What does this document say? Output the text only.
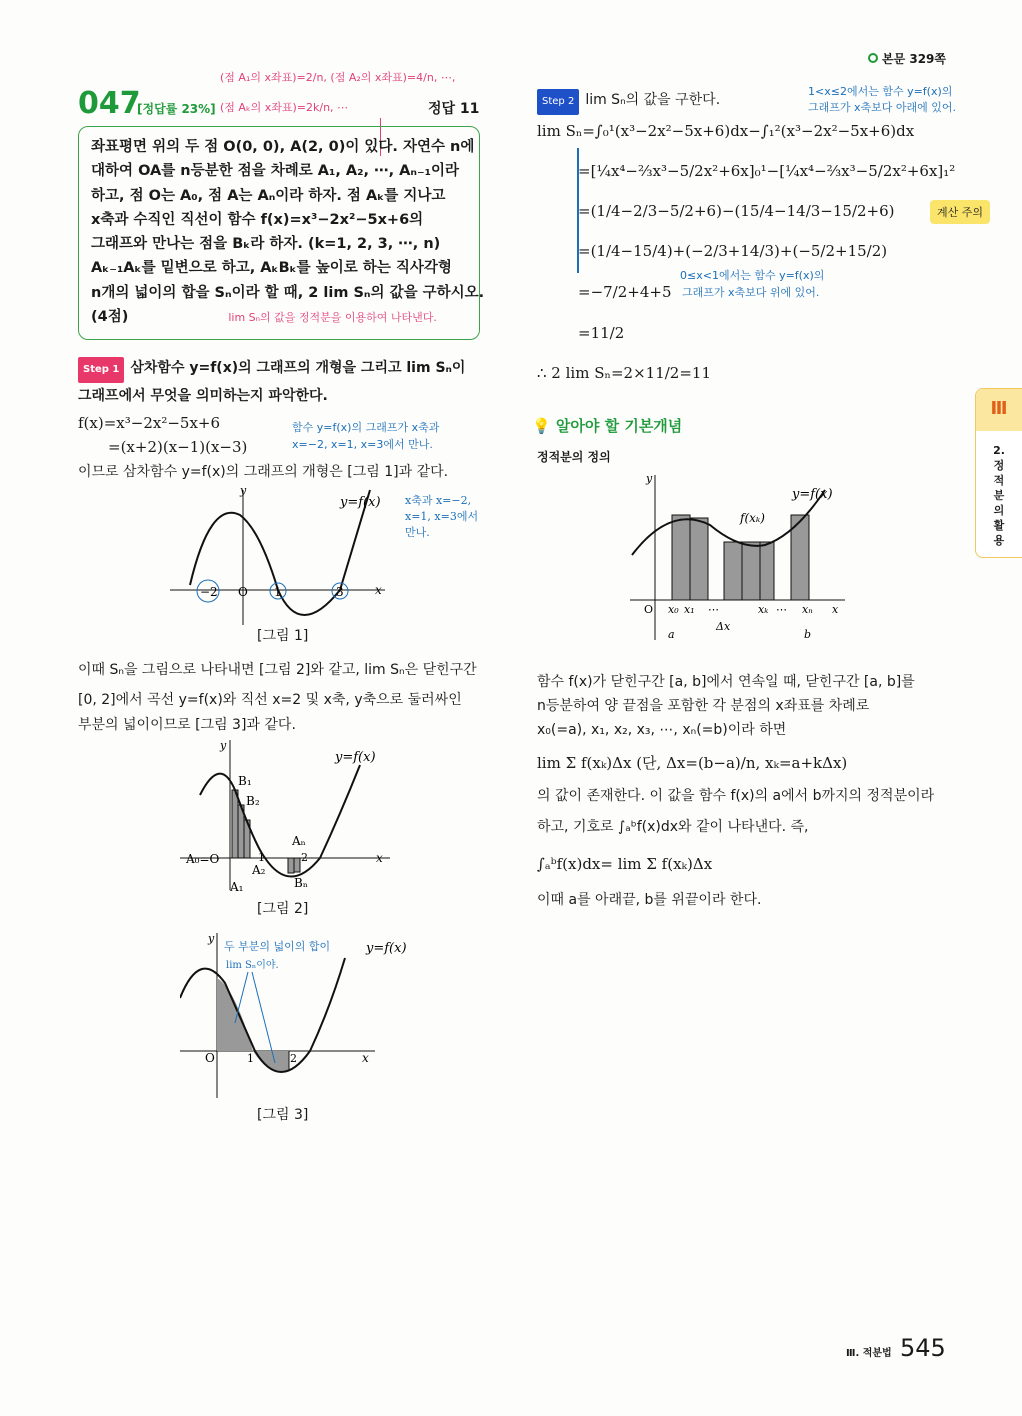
본문 329쪽
(점 A₁의 x좌표)=2/n, (점 A₂의 x좌표)=4/n, ⋯,
047
[정답률 23%] (점 Aₖ의 x좌표)=2k/n, ⋯	정답 11
좌표평면 위의 두 점 O(0, 0), A(2, 0)이 있다. 자연수 n에
대하여 OA를 n등분한 점을 차례로 A₁, A₂, ⋯, Aₙ₋₁이라
하고, 점 O는 A₀, 점 A는 Aₙ이라 하자. 점 Aₖ를 지나고
x축과 수직인 직선이 함수 f(x)=x³−2x²−5x+6의
그래프와 만나는 점을 Bₖ라 하자. (k=1, 2, 3, ⋯, n)
Aₖ₋₁Aₖ를 밑변으로 하고, AₖBₖ를 높이로 하는 직사각형
n개의 넓이의 합을 Sₙ이라 할 때, 2 lim Sₙ의 값을 구하시오.
(4점)	lim Sₙ의 값을 정적분을 이용하여 나타낸다.
Step 1 삼차함수 y=f(x)의 그래프의 개형을 그리고 lim Sₙ이
그래프에서 무엇을 의미하는지 파악한다.
f(x)=x³−2x²−5x+6
=(x+2)(x−1)(x−3)
함수 y=f(x)의 그래프가 x축과
x=−2, x=1, x=3에서 만나.
이므로 삼차함수 y=f(x)의 그래프의 개형은 [그림 1]과 같다.
−2 O 1	3	x
y
y=f(x) x축과 x=−2,
x=1, x=3에서
만나.
[그림 1]
이때 Sₙ을 그림으로 나타내면 [그림 2]와 같고, lim Sₙ은 닫힌구간
[0, 2]에서 곡선 y=f(x)와 직선 x=2 및 x축, y축으로 둘러싸인
부분의 넓이이므로 [그림 3]과 같다.
B₁
B₂
Aₙ
A₀=O	1	2
A₁
A₂
Bₙ
x
y
y=f(x)
[그림 2]
O	1	2	x
y
두 부분의 넓이의 합이
lim Sₙ이야.
y=f(x)
[그림 3]
Step 2 lim Sₙ의 값을 구한다.
1<x≤2에서는 함수 y=f(x)의
그래프가 x축보다 아래에 있어.
lim Sₙ=∫₀¹(x³−2x²−5x+6)dx−∫₁²(x³−2x²−5x+6)dx
=[¼x⁴−⅔x³−5/2x²+6x]₀¹−[¼x⁴−⅔x³−5/2x²+6x]₁²
=(1/4−2/3−5/2+6)−(15/4−14/3−15/2+6)	계산 주의
=(1/4−15/4)+(−2/3+14/3)+(−5/2+15/2)
0≤x<1에서는 함수 y=f(x)의
그래프가 x축보다 위에 있어.
=−7/2+4+5
=11/2
∴ 2 lim Sₙ=2×11/2=11
💡 알아야 할 기본개념
정적분의 정의
O x₀ x₁ ⋯	xₖ ⋯ xₙ
a	b
Δx
x
y
f(xₖ)
y=f(x)
함수 f(x)가 닫힌구간 [a, b]에서 연속일 때, 닫힌구간 [a, b]를
n등분하여 양 끝점을 포함한 각 분점의 x좌표를 차례로
x₀(=a), x₁, x₂, x₃, ⋯, xₙ(=b)이라 하면
lim Σ f(xₖ)Δx (단, Δx=(b−a)/n, xₖ=a+kΔx)
의 값이 존재한다. 이 값을 함수 f(x)의 a에서 b까지의 정적분이라
하고, 기호로 ∫ₐᵇf(x)dx와 같이 나타낸다. 즉,
∫ₐᵇf(x)dx= lim Σ f(xₖ)Δx
이때 a를 아래끝, b를 위끝이라 한다.
Ⅲ
2. 정적분의 활용
Ⅲ. 적분법 545
